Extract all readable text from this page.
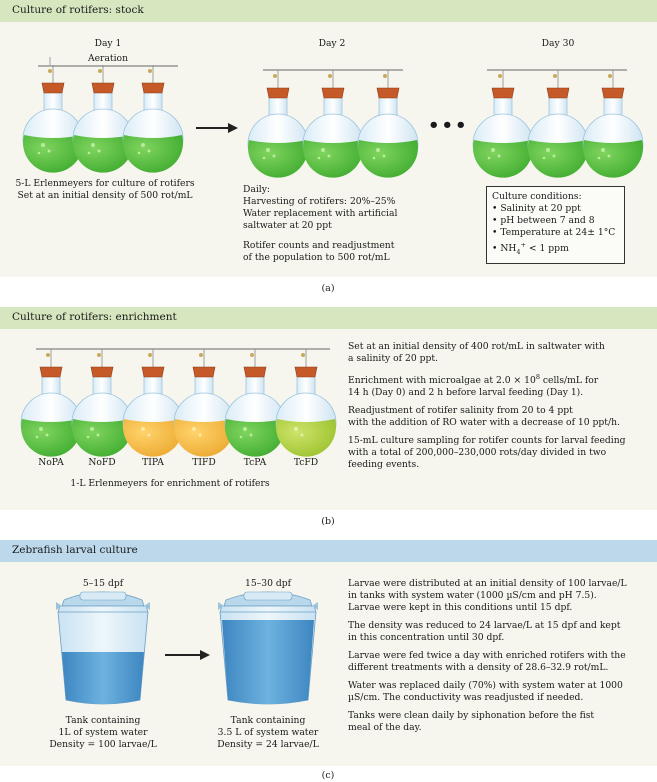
Culture of rotifers: stock
Day 1	Day 2	Day 30
Aeration
•••
5-L Erlenmeyers for culture of rotifers
Set at an initial density of 500 rot/mL
Daily:
Harvesting of rotifers: 20%–25%
Water replacement with artificial
saltwater at 20 ppt
Rotifer counts and readjustment
of the population to 500 rot/mL
Culture conditions:
• Salinity at 20 ppt
• pH between 7 and 8
• Temperature at 24± 1°C
• $NH_4^+ < 1$ ppm
(a)
Culture of rotifers: enrichment
NoPA	NoFD	TIPA	TIFD	TcPA	TcFD
1-L Erlenmeyers for enrichment of rotifers

Set at an initial density of 400 rot/mL in saltwater with
a salinity of 20 ppt.

Enrichment with microalgae at $2.0 \times 10^8$ cells/mL for
14 h (Day 0) and 2 h before larval feeding (Day 1).

Readjustment of rotifer salinity from 20 to 4 ppt
with the addition of RO water with a decrease of 10 ppt/h.

15-mL culture sampling for rotifer counts for larval feeding
with a total of 200,000–230,000 rots/day divided in two
feeding events.

(b)
Zebrafish larval culture
5–15 dpf	15–30 dpf
Tank containing
1L of system water
Density = 100 larvae/L
Tank containing
3.5 L of system water
Density = 24 larvae/L

Larvae were distributed at an initial density of 100 larvae/L
in tanks with system water (1000 µS/cm and pH 7.5).
Larvae were kept in this conditions until 15 dpf.

The density was reduced to 24 larvae/L at 15 dpf and kept
in this concentration until 30 dpf.

Larvae were fed twice a day with enriched rotifers with the
different treatments with a density of 28.6–32.9 rot/mL.

Water was replaced daily (70%) with system water at 1000
µS/cm. The conductivity was readjusted if needed.

Tanks were clean daily by siphonation before the fist
meal of the day.

(c)
